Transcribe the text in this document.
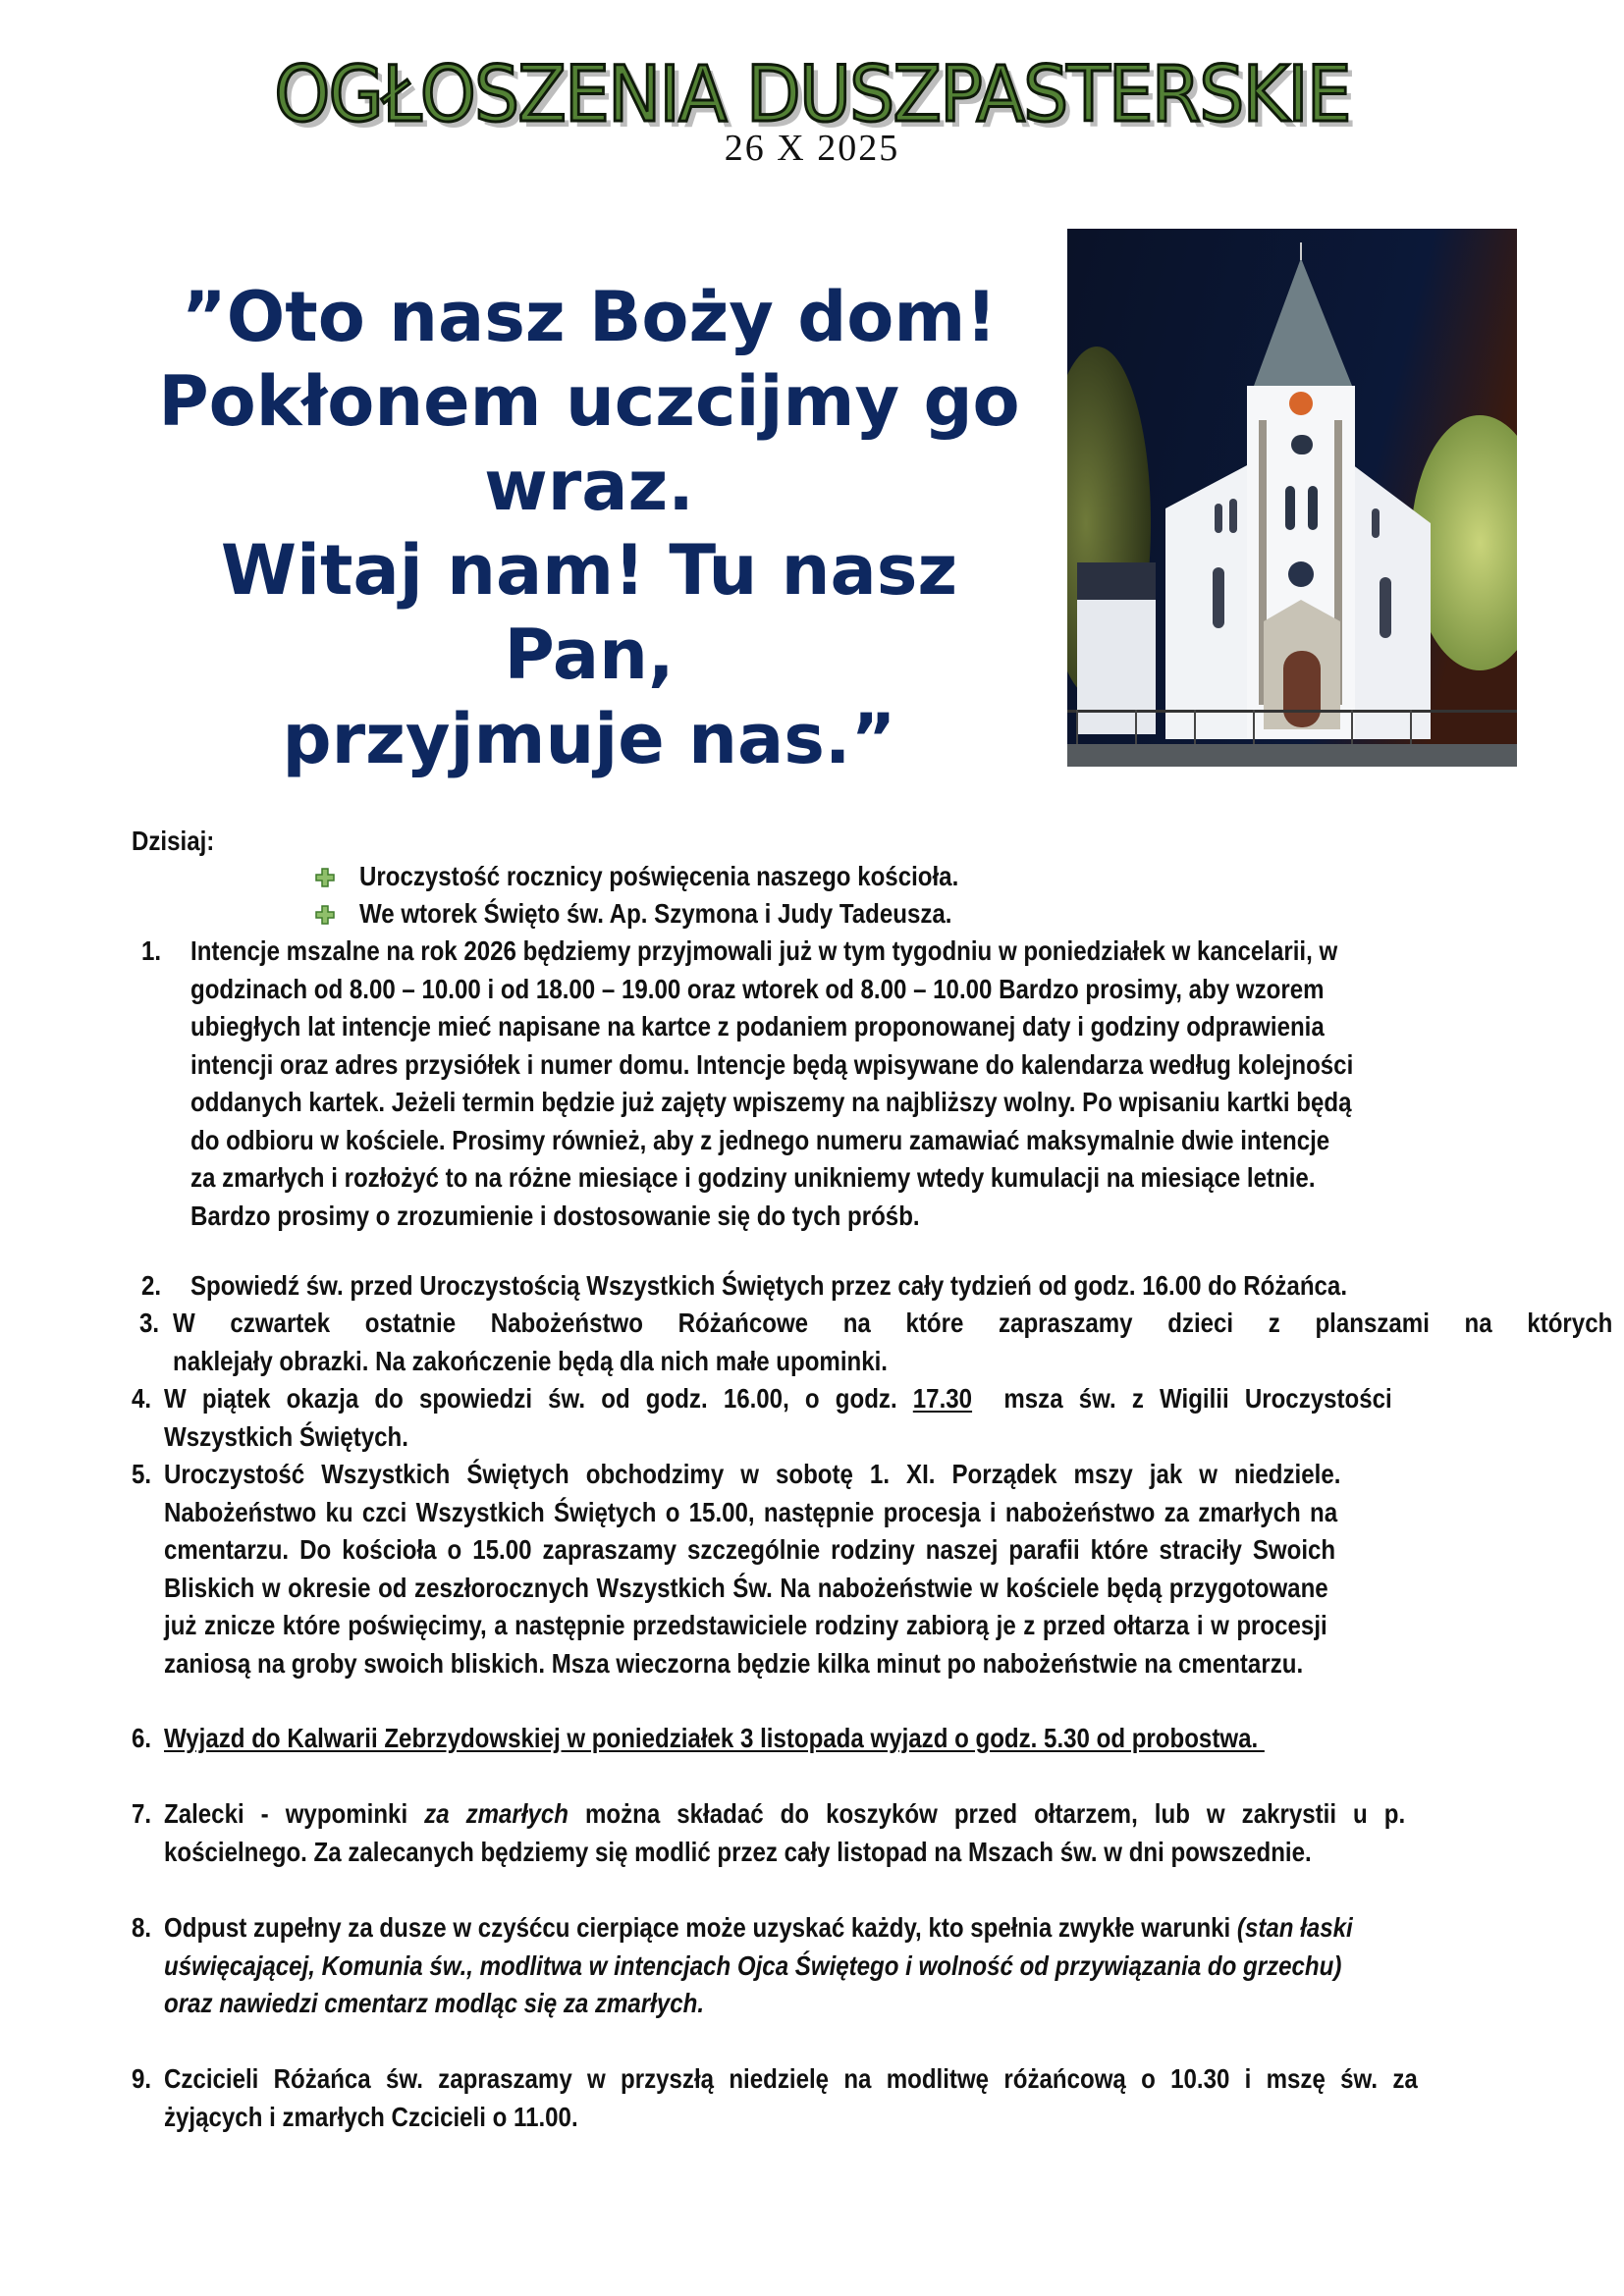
OGŁOSZENIA DUSZPASTERSKIE
26 X 2025
”Oto nasz Boży dom!
Pokłonem uczcijmy go
wraz.
Witaj nam! Tu nasz
Pan,
przyjmuje nas.”
Dzisiaj:
Uroczystość rocznicy poświęcenia naszego kościoła.
We wtorek Święto św. Ap. Szymona i Judy Tadeusza.
1. Intencje mszalne na rok 2026 będziemy przyjmowali już w tym tygodniu w poniedziałek w kancelarii, w
godzinach od 8.00 – 10.00 i od 18.00 – 19.00 oraz wtorek od 8.00 – 10.00 Bardzo prosimy, aby wzorem
ubiegłych lat intencje mieć napisane na kartce z podaniem proponowanej daty i godziny odprawienia
intencji oraz adres przysiółek i numer domu. Intencje będą wpisywane do kalendarza według kolejności
oddanych kartek. Jeżeli termin będzie już zajęty wpiszemy na najbliższy wolny. Po wpisaniu kartki będą
do odbioru w kościele. Prosimy również, aby z jednego numeru zamawiać maksymalnie dwie intencje
za zmarłych i rozłożyć to na różne miesiące i godziny unikniemy wtedy kumulacji na miesiące letnie.
Bardzo prosimy o zrozumienie i dostosowanie się do tych próśb.
2. Spowiedź św. przed Uroczystością Wszystkich Świętych przez cały tydzień od godz. 16.00 do Różańca.
3. W czwartek ostatnie Nabożeństwo Różańcowe na które zapraszamy dzieci z planszami na których
naklejały obrazki. Na zakończenie będą dla nich małe upominki.
4. W piątek okazja do spowiedzi św. od godz. 16.00, o godz. 17.30 msza św. z Wigilii Uroczystości
Wszystkich Świętych.
5. Uroczystość Wszystkich Świętych obchodzimy w sobotę 1. XI. Porządek mszy jak w niedziele.
Nabożeństwo ku czci Wszystkich Świętych o 15.00, następnie procesja i nabożeństwo za zmarłych na
cmentarzu. Do kościoła o 15.00 zapraszamy szczególnie rodziny naszej parafii które straciły Swoich
Bliskich w okresie od zeszłorocznych Wszystkich Św. Na nabożeństwie w kościele będą przygotowane
już znicze które poświęcimy, a następnie przedstawiciele rodziny zabiorą je z przed ołtarza i w procesji
zaniosą na groby swoich bliskich. Msza wieczorna będzie kilka minut po nabożeństwie na cmentarzu.
6. Wyjazd do Kalwarii Zebrzydowskiej w poniedziałek 3 listopada wyjazd o godz. 5.30 od probostwa.
7. Zalecki - wypominki za zmarłych można składać do koszyków przed ołtarzem, lub w zakrystii u p.
kościelnego. Za zalecanych będziemy się modlić przez cały listopad na Mszach św. w dni powszednie.
8. Odpust zupełny za dusze w czyśćcu cierpiące może uzyskać każdy, kto spełnia zwykłe warunki (stan łaski
uświęcającej, Komunia św., modlitwa w intencjach Ojca Świętego i wolność od przywiązania do grzechu)
oraz nawiedzi cmentarz modląc się za zmarłych.
9. Czcicieli Różańca św. zapraszamy w przyszłą niedzielę na modlitwę różańcową o 10.30 i mszę św. za
żyjących i zmarłych Czcicieli o 11.00.
